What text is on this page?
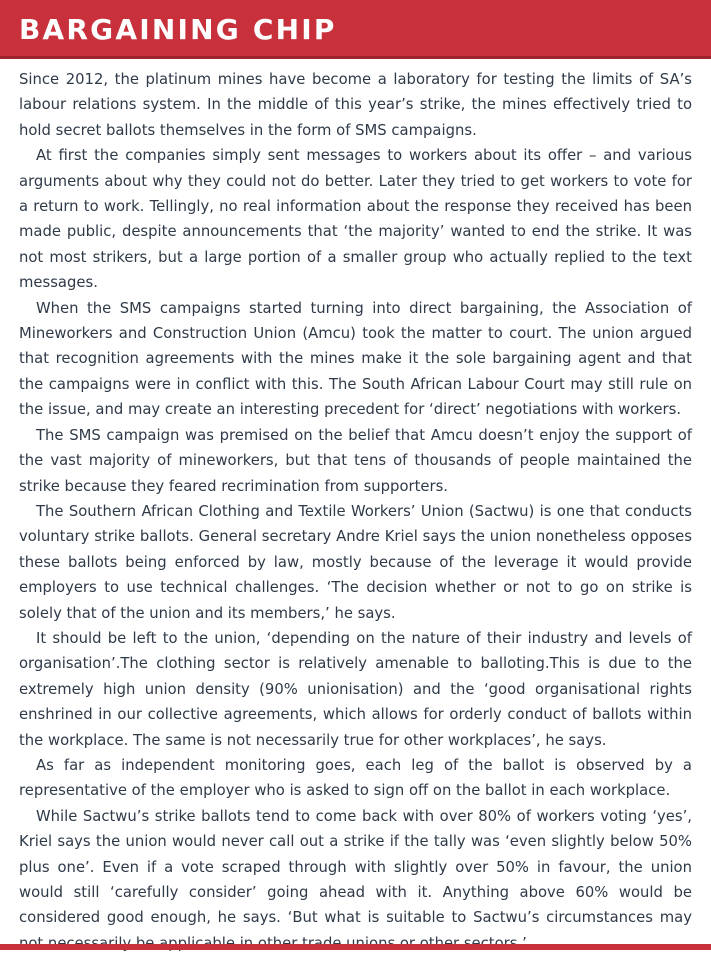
BARGAINING CHIP

Since 2012, the platinum mines have become a laboratory for testing the limits of SA’s labour relations system. In the middle of this year’s strike, the mines effectively tried to hold secret ballots themselves in the form of SMS campaigns.

At first the companies simply sent messages to workers about its offer – and various arguments about why they could not do better. Later they tried to get workers to vote for a return to work. Tellingly, no real information about the response they received has been made public, despite announcements that ‘the majority’ wanted to end the strike. It was not most strikers, but a large portion of a smaller group who actually replied to the text messages.

When the SMS campaigns started turning into direct bargaining, the Association of Mineworkers and Construction Union (Amcu) took the matter to court. The union argued that recognition agreements with the mines make it the sole bargaining agent and that the campaigns were in conflict with this. The South African Labour Court may still rule on the issue, and may create an interesting precedent for ‘direct’ negotiations with workers.

The SMS campaign was premised on the belief that Amcu doesn’t enjoy the support of the vast majority of mineworkers, but that tens of thousands of people maintained the strike because they feared recrimination from supporters.

The Southern African Clothing and Textile Workers’ Union (Sactwu) is one that conducts voluntary strike ballots. General secretary Andre Kriel says the union nonetheless opposes these ballots being enforced by law, mostly because of the leverage it would provide employers to use technical challenges. ‘The decision whether or not to go on strike is solely that of the union and its members,’ he says.

It should be left to the union, ‘depending on the nature of their industry and levels of organisation’.The clothing sector is relatively amenable to balloting.This is due to the extremely high union density (90% unionisation) and the ‘good organisational rights enshrined in our collective agreements, which allows for orderly conduct of ballots within the workplace. The same is not necessarily true for other workplaces’, he says.

As far as independent monitoring goes, each leg of the ballot is observed by a representative of the employer who is asked to sign off on the ballot in each workplace.

While Sactwu’s strike ballots tend to come back with over 80% of workers voting ‘yes’, Kriel says the union would never call out a strike if the tally was ‘even slightly below 50% plus one’. Even if a vote scraped through with slightly over 50% in favour, the union would still ‘carefully consider’ going ahead with it. Anything above 60% would be considered good enough, he says. ‘But what is suitable to Sactwu’s circumstances may
